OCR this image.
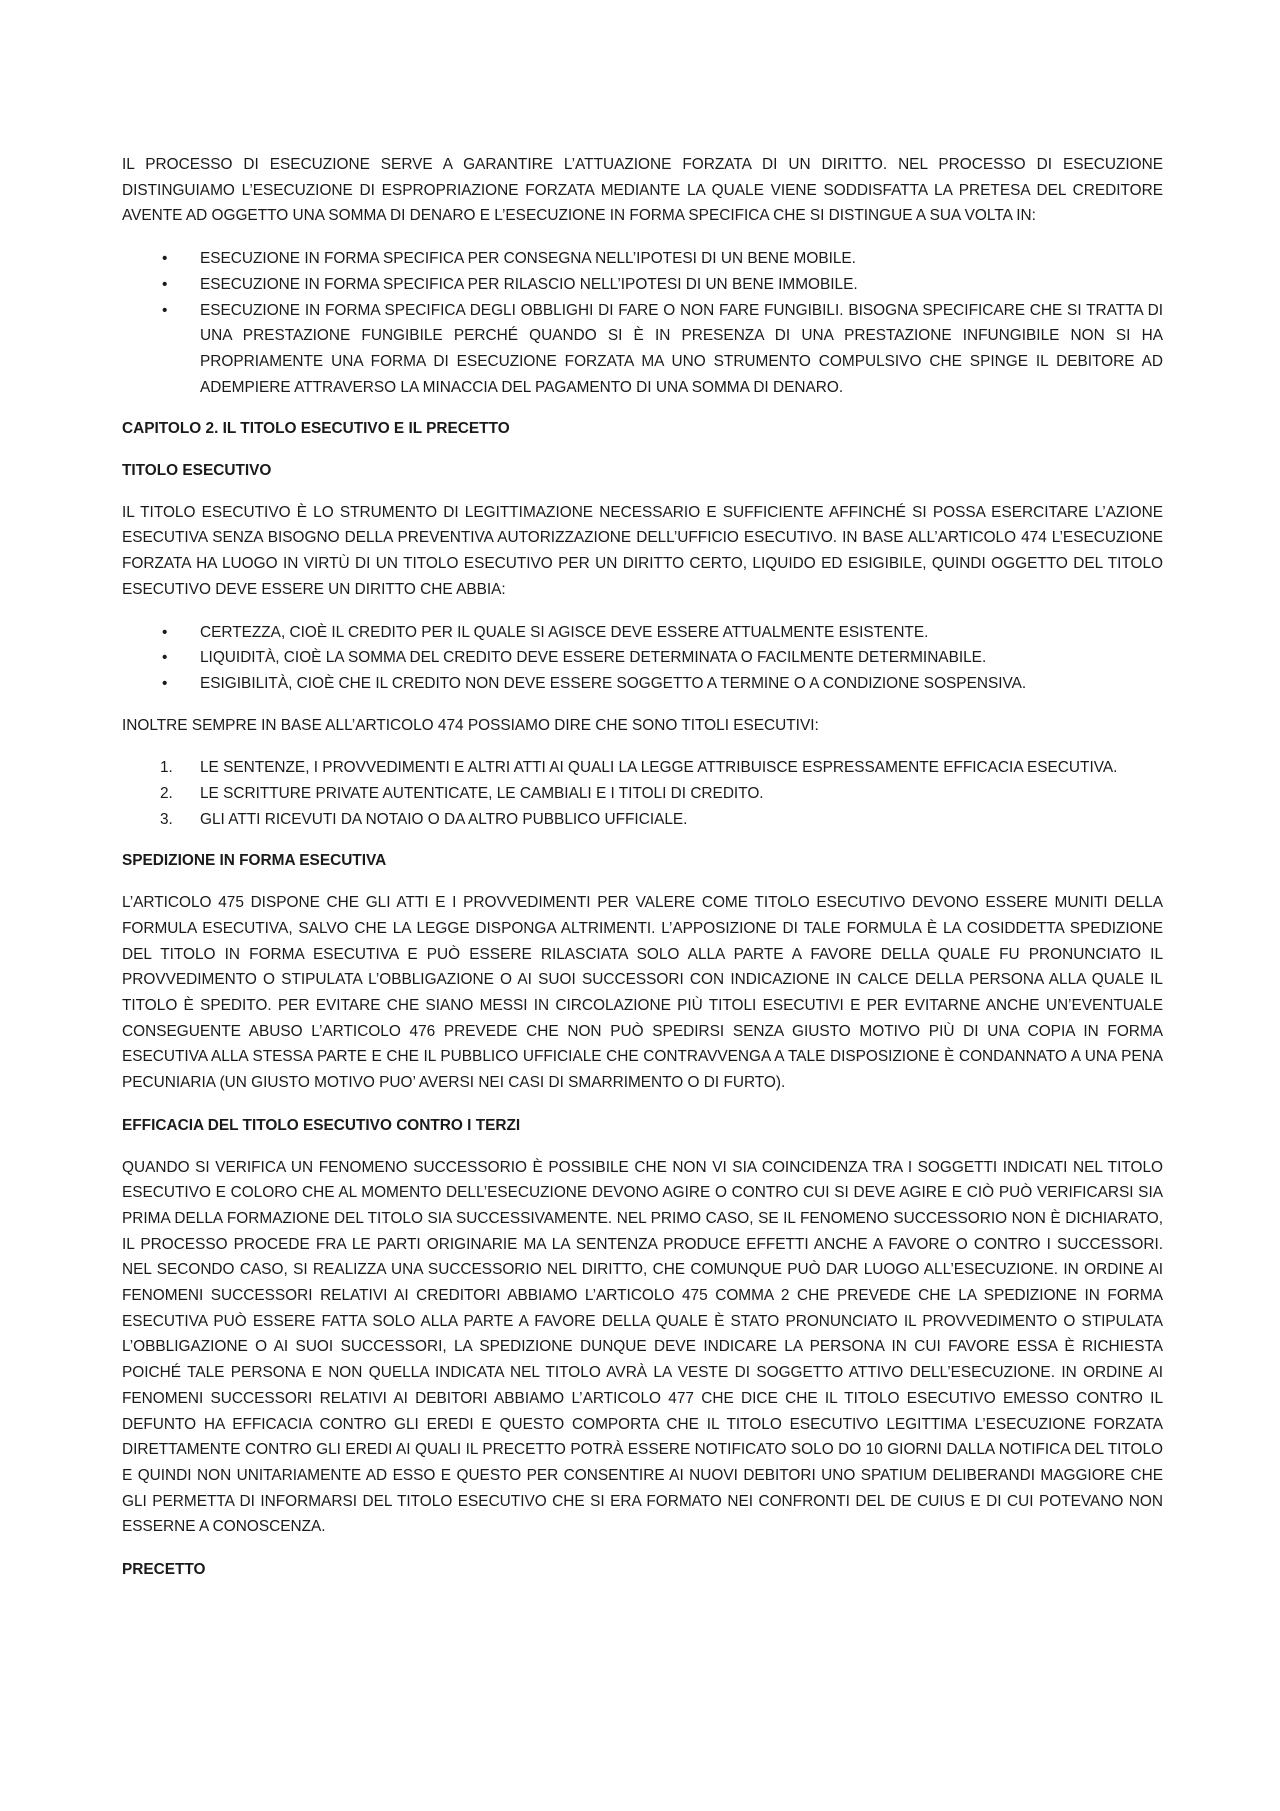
IL PROCESSO DI ESECUZIONE SERVE A GARANTIRE L’ATTUAZIONE FORZATA DI UN DIRITTO. NEL PROCESSO DI ESECUZIONE DISTINGUIAMO L’ESECUZIONE DI ESPROPRIAZIONE FORZATA MEDIANTE LA QUALE VIENE SODDISFATTA LA PRETESA DEL CREDITORE AVENTE AD OGGETTO UNA SOMMA DI DENARO E L’ESECUZIONE IN FORMA SPECIFICA CHE SI DISTINGUE A SUA VOLTA IN:

• ESECUZIONE IN FORMA SPECIFICA PER CONSEGNA NELL’IPOTESI DI UN BENE MOBILE.
• ESECUZIONE IN FORMA SPECIFICA PER RILASCIO NELL’IPOTESI DI UN BENE IMMOBILE.
• ESECUZIONE IN FORMA SPECIFICA DEGLI OBBLIGHI DI FARE O NON FARE FUNGIBILI. BISOGNA SPECIFICARE CHE SI TRATTA DI UNA PRESTAZIONE FUNGIBILE PERCHÉ QUANDO SI È IN PRESENZA DI UNA PRESTAZIONE INFUNGIBILE NON SI HA PROPRIAMENTE UNA FORMA DI ESECUZIONE FORZATA MA UNO STRUMENTO COMPULSIVO CHE SPINGE IL DEBITORE AD ADEMPIERE ATTRAVERSO LA MINACCIA DEL PAGAMENTO DI UNA SOMMA DI DENARO.

CAPITOLO 2. IL TITOLO ESECUTIVO E IL PRECETTO

TITOLO ESECUTIVO

IL TITOLO ESECUTIVO È LO STRUMENTO DI LEGITTIMAZIONE NECESSARIO E SUFFICIENTE AFFINCHÉ SI POSSA ESERCITARE L’AZIONE ESECUTIVA SENZA BISOGNO DELLA PREVENTIVA AUTORIZZAZIONE DELL’UFFICIO ESECUTIVO. IN BASE ALL’ARTICOLO 474 L’ESECUZIONE FORZATA HA LUOGO IN VIRTÙ DI UN TITOLO ESECUTIVO PER UN DIRITTO CERTO, LIQUIDO ED ESIGIBILE, QUINDI OGGETTO DEL TITOLO ESECUTIVO DEVE ESSERE UN DIRITTO CHE ABBIA:

• CERTEZZA, CIOÈ IL CREDITO PER IL QUALE SI AGISCE DEVE ESSERE ATTUALMENTE ESISTENTE.
• LIQUIDITÀ, CIOÈ LA SOMMA DEL CREDITO DEVE ESSERE DETERMINATA O FACILMENTE DETERMINABILE.
• ESIGIBILITÀ, CIOÈ CHE IL CREDITO NON DEVE ESSERE SOGGETTO A TERMINE O A CONDIZIONE SOSPENSIVA.

INOLTRE SEMPRE IN BASE ALL’ARTICOLO 474 POSSIAMO DIRE CHE SONO TITOLI ESECUTIVI:

1. LE SENTENZE, I PROVVEDIMENTI E ALTRI ATTI AI QUALI LA LEGGE ATTRIBUISCE ESPRESSAMENTE EFFICACIA ESECUTIVA.
2. LE SCRITTURE PRIVATE AUTENTICATE, LE CAMBIALI E I TITOLI DI CREDITO.
3. GLI ATTI RICEVUTI DA NOTAIO O DA ALTRO PUBBLICO UFFICIALE.

SPEDIZIONE IN FORMA ESECUTIVA

L’ARTICOLO 475 DISPONE CHE GLI ATTI E I PROVVEDIMENTI PER VALERE COME TITOLO ESECUTIVO DEVONO ESSERE MUNITI DELLA FORMULA ESECUTIVA, SALVO CHE LA LEGGE DISPONGA ALTRIMENTI. L’APPOSIZIONE DI TALE FORMULA È LA COSIDDETTA SPEDIZIONE DEL TITOLO IN FORMA ESECUTIVA E PUÒ ESSERE RILASCIATA SOLO ALLA PARTE A FAVORE DELLA QUALE FU PRONUNCIATO IL PROVVEDIMENTO O STIPULATA L’OBBLIGAZIONE O AI SUOI SUCCESSORI CON INDICAZIONE IN CALCE DELLA PERSONA ALLA QUALE IL TITOLO È SPEDITO. PER EVITARE CHE SIANO MESSI IN CIRCOLAZIONE PIÙ TITOLI ESECUTIVI E PER EVITARNE ANCHE UN’EVENTUALE CONSEGUENTE ABUSO L’ARTICOLO 476 PREVEDE CHE NON PUÒ SPEDIRSI SENZA GIUSTO MOTIVO PIÙ DI UNA COPIA IN FORMA ESECUTIVA ALLA STESSA PARTE E CHE IL PUBBLICO UFFICIALE CHE CONTRAVVENGA A TALE DISPOSIZIONE È CONDANNATO A UNA PENA PECUNIARIA (UN GIUSTO MOTIVO PUO’ AVERSI NEI CASI DI SMARRIMENTO O DI FURTO).

EFFICACIA DEL TITOLO ESECUTIVO CONTRO I TERZI

QUANDO SI VERIFICA UN FENOMENO SUCCESSORIO È POSSIBILE CHE NON VI SIA COINCIDENZA TRA I SOGGETTI INDICATI NEL TITOLO ESECUTIVO E COLORO CHE AL MOMENTO DELL’ESECUZIONE DEVONO AGIRE O CONTRO CUI SI DEVE AGIRE E CIÒ PUÒ VERIFICARSI SIA PRIMA DELLA FORMAZIONE DEL TITOLO SIA SUCCESSIVAMENTE. NEL PRIMO CASO, SE IL FENOMENO SUCCESSORIO NON È DICHIARATO, IL PROCESSO PROCEDE FRA LE PARTI ORIGINARIE MA LA SENTENZA PRODUCE EFFETTI ANCHE A FAVORE O CONTRO I SUCCESSORI. NEL SECONDO CASO, SI REALIZZA UNA SUCCESSORIO NEL DIRITTO, CHE COMUNQUE PUÒ DAR LUOGO ALL’ESECUZIONE. IN ORDINE AI FENOMENI SUCCESSORI RELATIVI AI CREDITORI ABBIAMO L’ARTICOLO 475 COMMA 2 CHE PREVEDE CHE LA SPEDIZIONE IN FORMA ESECUTIVA PUÒ ESSERE FATTA SOLO ALLA PARTE A FAVORE DELLA QUALE È STATO PRONUNCIATO IL PROVVEDIMENTO O STIPULATA L’OBBLIGAZIONE O AI SUOI SUCCESSORI, LA SPEDIZIONE DUNQUE DEVE INDICARE LA PERSONA IN CUI FAVORE ESSA È RICHIESTA POICHÉ TALE PERSONA E NON QUELLA INDICATA NEL TITOLO AVRÀ LA VESTE DI SOGGETTO ATTIVO DELL’ESECUZIONE. IN ORDINE AI FENOMENI SUCCESSORI RELATIVI AI DEBITORI ABBIAMO L’ARTICOLO 477 CHE DICE CHE IL TITOLO ESECUTIVO EMESSO CONTRO IL DEFUNTO HA EFFICACIA CONTRO GLI EREDI E QUESTO COMPORTA CHE IL TITOLO ESECUTIVO LEGITTIMA L’ESECUZIONE FORZATA DIRETTAMENTE CONTRO GLI EREDI AI QUALI IL PRECETTO POTRÀ ESSERE NOTIFICATO SOLO DO 10 GIORNI DALLA NOTIFICA DEL TITOLO E QUINDI NON UNITARIAMENTE AD ESSO E QUESTO PER CONSENTIRE AI NUOVI DEBITORI UNO SPATIUM DELIBERANDI MAGGIORE CHE GLI PERMETTA DI INFORMARSI DEL TITOLO ESECUTIVO CHE SI ERA FORMATO NEI CONFRONTI DEL DE CUIUS E DI CUI POTEVANO NON ESSERNE A CONOSCENZA.

PRECETTO
